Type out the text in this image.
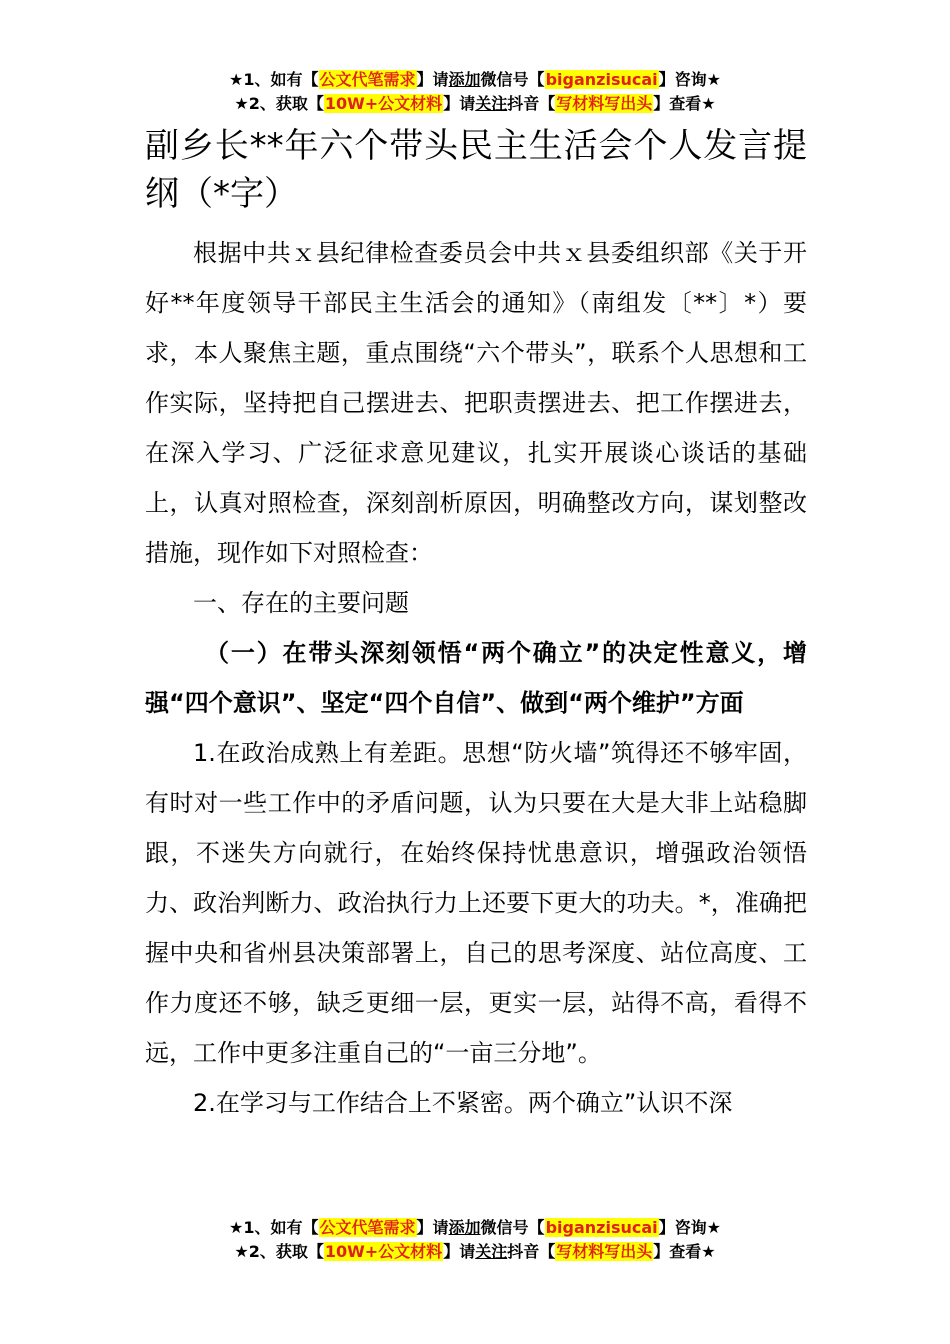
★1、如有【公文代笔需求】请添加微信号【biganzisucai】咨询★
★2、获取【10W+公文材料】请关注抖音【写材料写出头】查看★
副乡长**年六个带头民主生活会个人发言提纲（*字）

根据中共ｘ县纪律检查委员会中共ｘ县委组织部《关于开好**年度领导干部民主生活会的通知》（南组发〔**〕*）要求，本人聚焦主题，重点围绕“六个带头”，联系个人思想和工作实际，坚持把自己摆进去、把职责摆进去、把工作摆进去，在深入学习、广泛征求意见建议，扎实开展谈心谈话的基础上，认真对照检查，深刻剖析原因，明确整改方向，谋划整改措施，现作如下对照检查：

一、存在的主要问题

（一）在带头深刻领悟“两个确立”的决定性意义，增强“四个意识”、坚定“四个自信”、做到“两个维护”方面

1.在政治成熟上有差距。思想“防火墙”筑得还不够牢固，有时对一些工作中的矛盾问题，认为只要在大是大非上站稳脚跟，不迷失方向就行，在始终保持忧患意识，增强政治领悟力、政治判断力、政治执行力上还要下更大的功夫。*，准确把握中央和省州县决策部署上，自己的思考深度、站位高度、工作力度还不够，缺乏更细一层，更实一层，站得不高，看得不远，工作中更多注重自己的“一亩三分地”。

2.在学习与工作结合上不紧密。两个确立”认识不深

★1、如有【公文代笔需求】请添加微信号【biganzisucai】咨询★
★2、获取【10W+公文材料】请关注抖音【写材料写出头】查看★
